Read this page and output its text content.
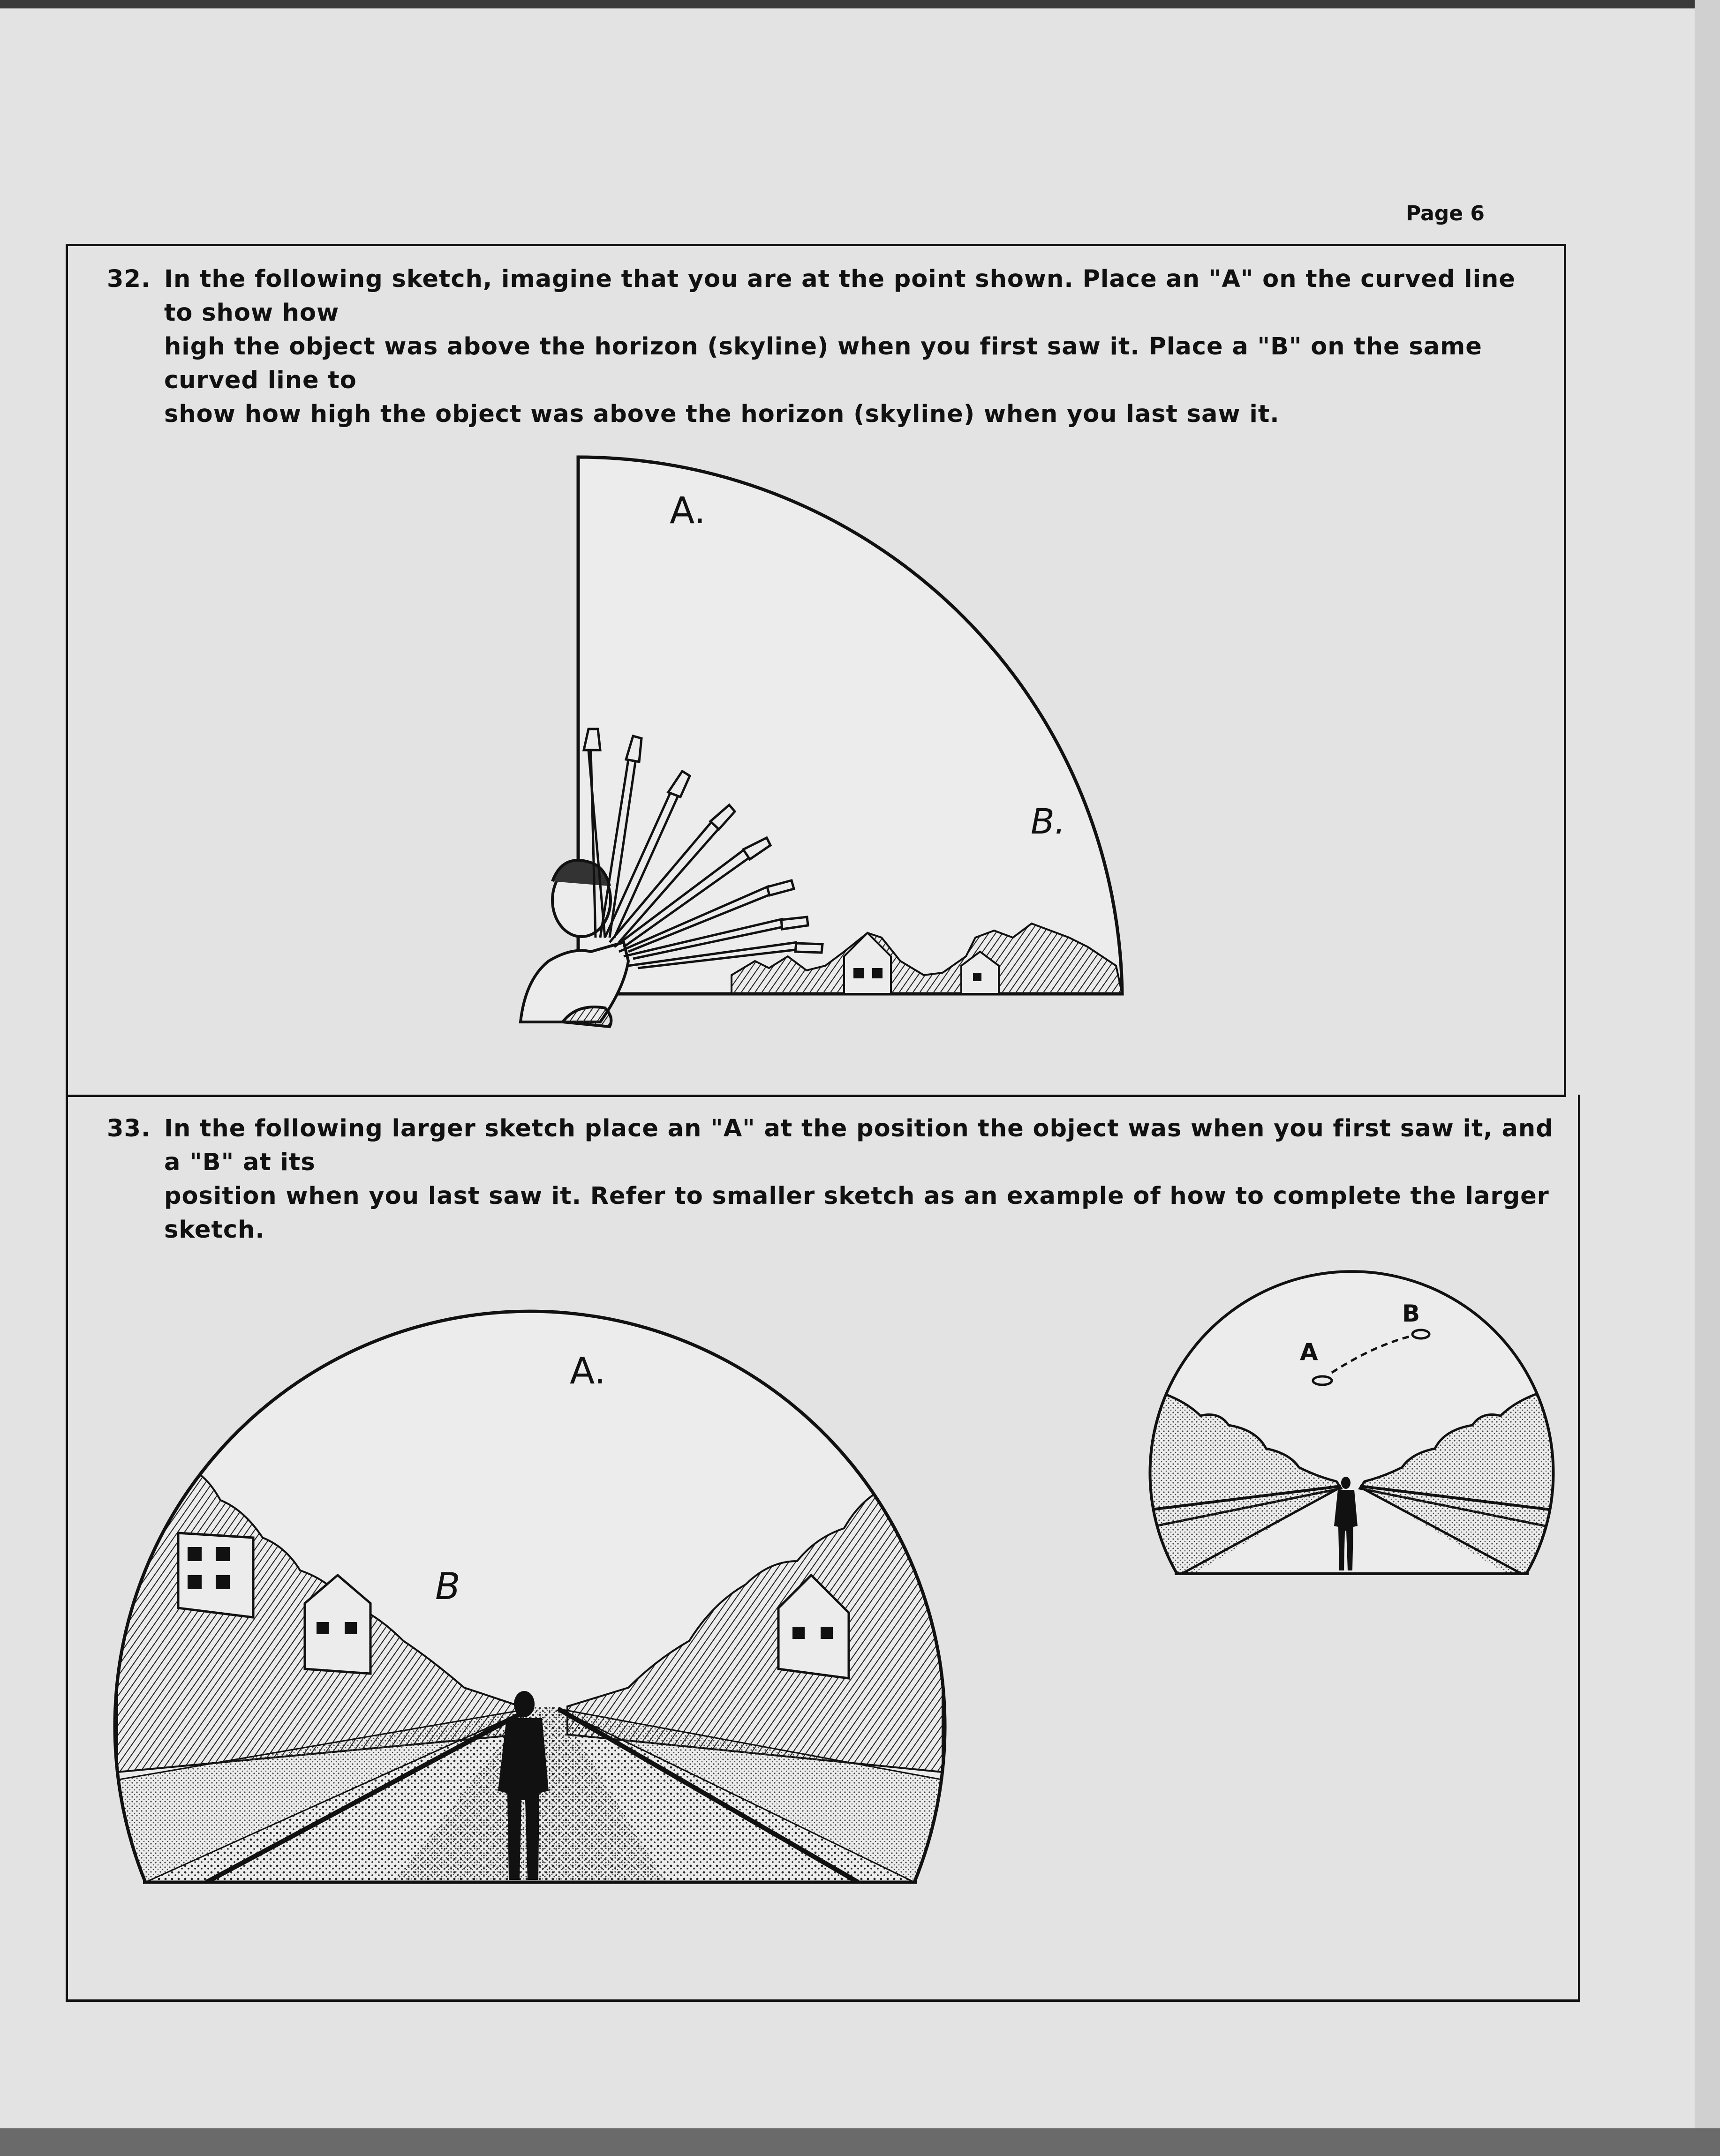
Page 6
32. In the following sketch, imagine that you are at the point shown. Place an "A" on the curved line to show how
high the object was above the horizon (skyline) when you first saw it. Place a "B" on the same curved line to
show how high the object was above the horizon (skyline) when you last saw it.
33. In the following larger sketch place an "A" at the position the object was when you first saw it, and a "B" at its
position when you last saw it. Refer to smaller sketch as an example of how to complete the larger sketch.
A.
B.
A.
B
A
B
